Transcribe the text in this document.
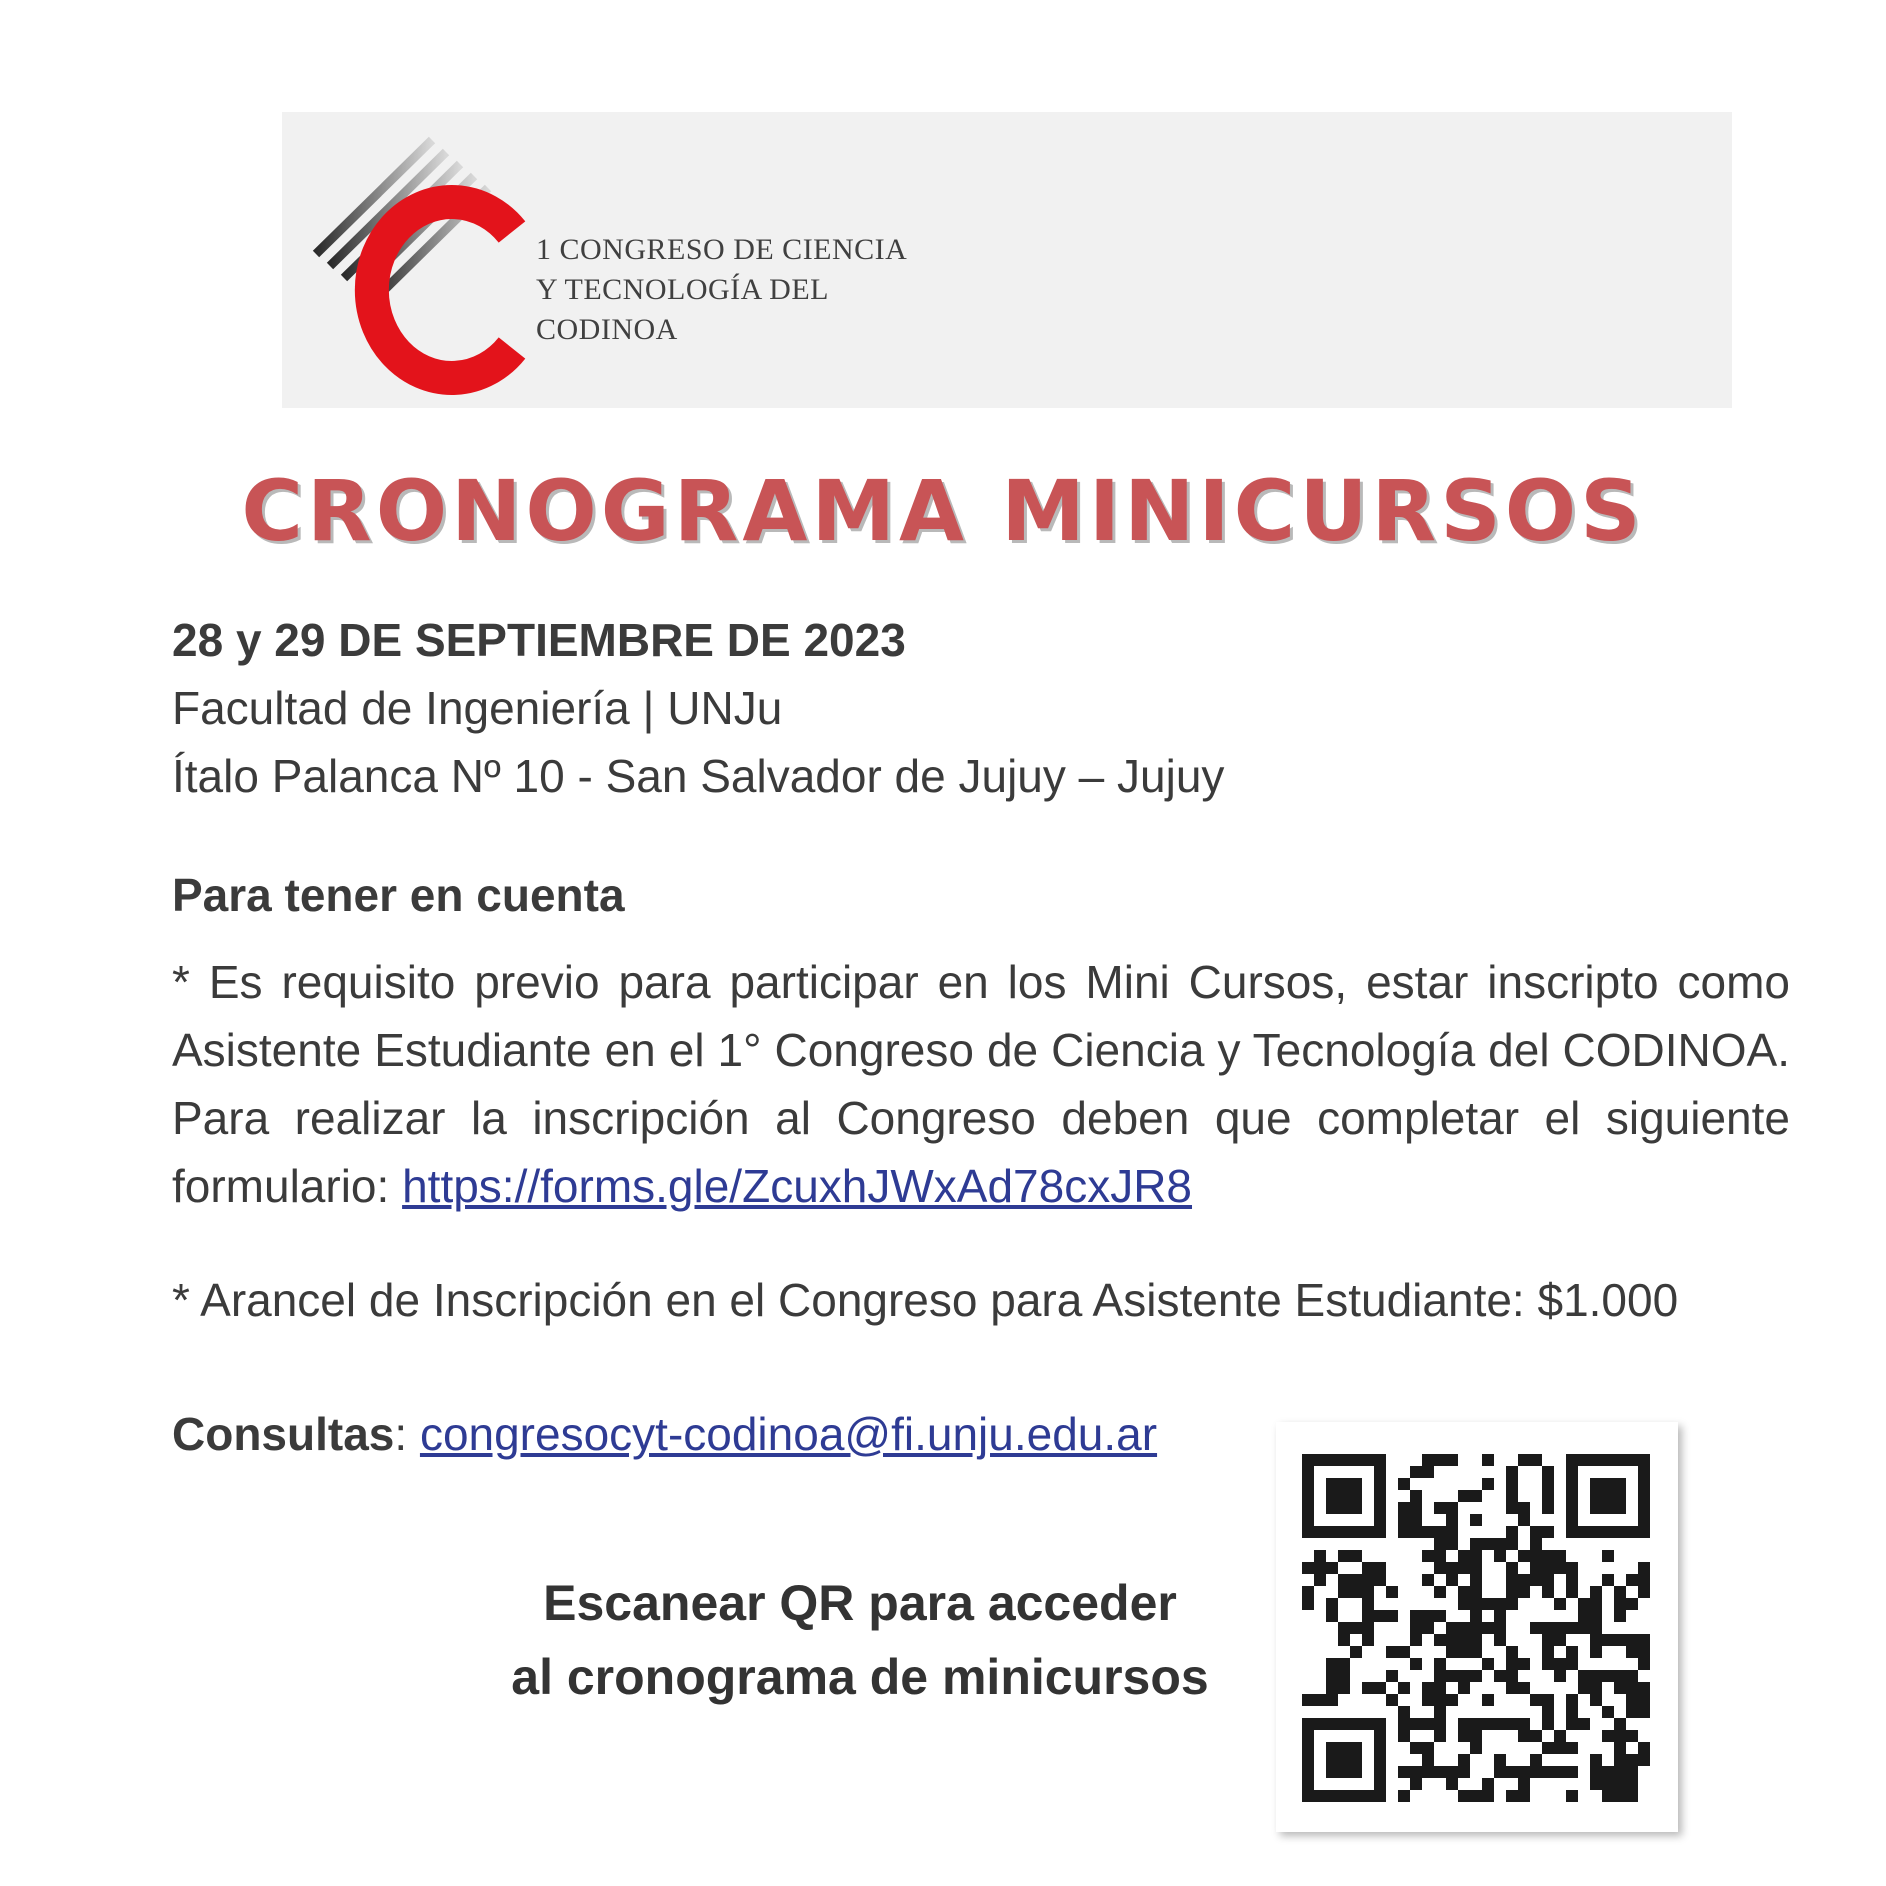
1 CONGRESO DE CIENCIA
Y TECNOLOGÍA DEL
CODINOA
CRONOGRAMA MINICURSOS
28 y 29 DE SEPTIEMBRE DE 2023
Facultad de Ingeniería | UNJu
Ítalo Palanca Nº 10 - San Salvador de Jujuy – Jujuy
Para tener en cuenta
* Es requisito previo para participar en los Mini Cursos, estar inscripto como Asistente Estudiante en el 1° Congreso de Ciencia y Tecnología del CODINOA. Para realizar la inscripción al Congreso deben que completar el siguiente formulario: https://forms.gle/ZcuxhJWxAd78cxJR8
* Arancel de Inscripción en el Congreso para Asistente Estudiante: $1.000
Consultas: congresocyt-codinoa@fi.unju.edu.ar
Escanear QR para acceder
al cronograma de minicursos
